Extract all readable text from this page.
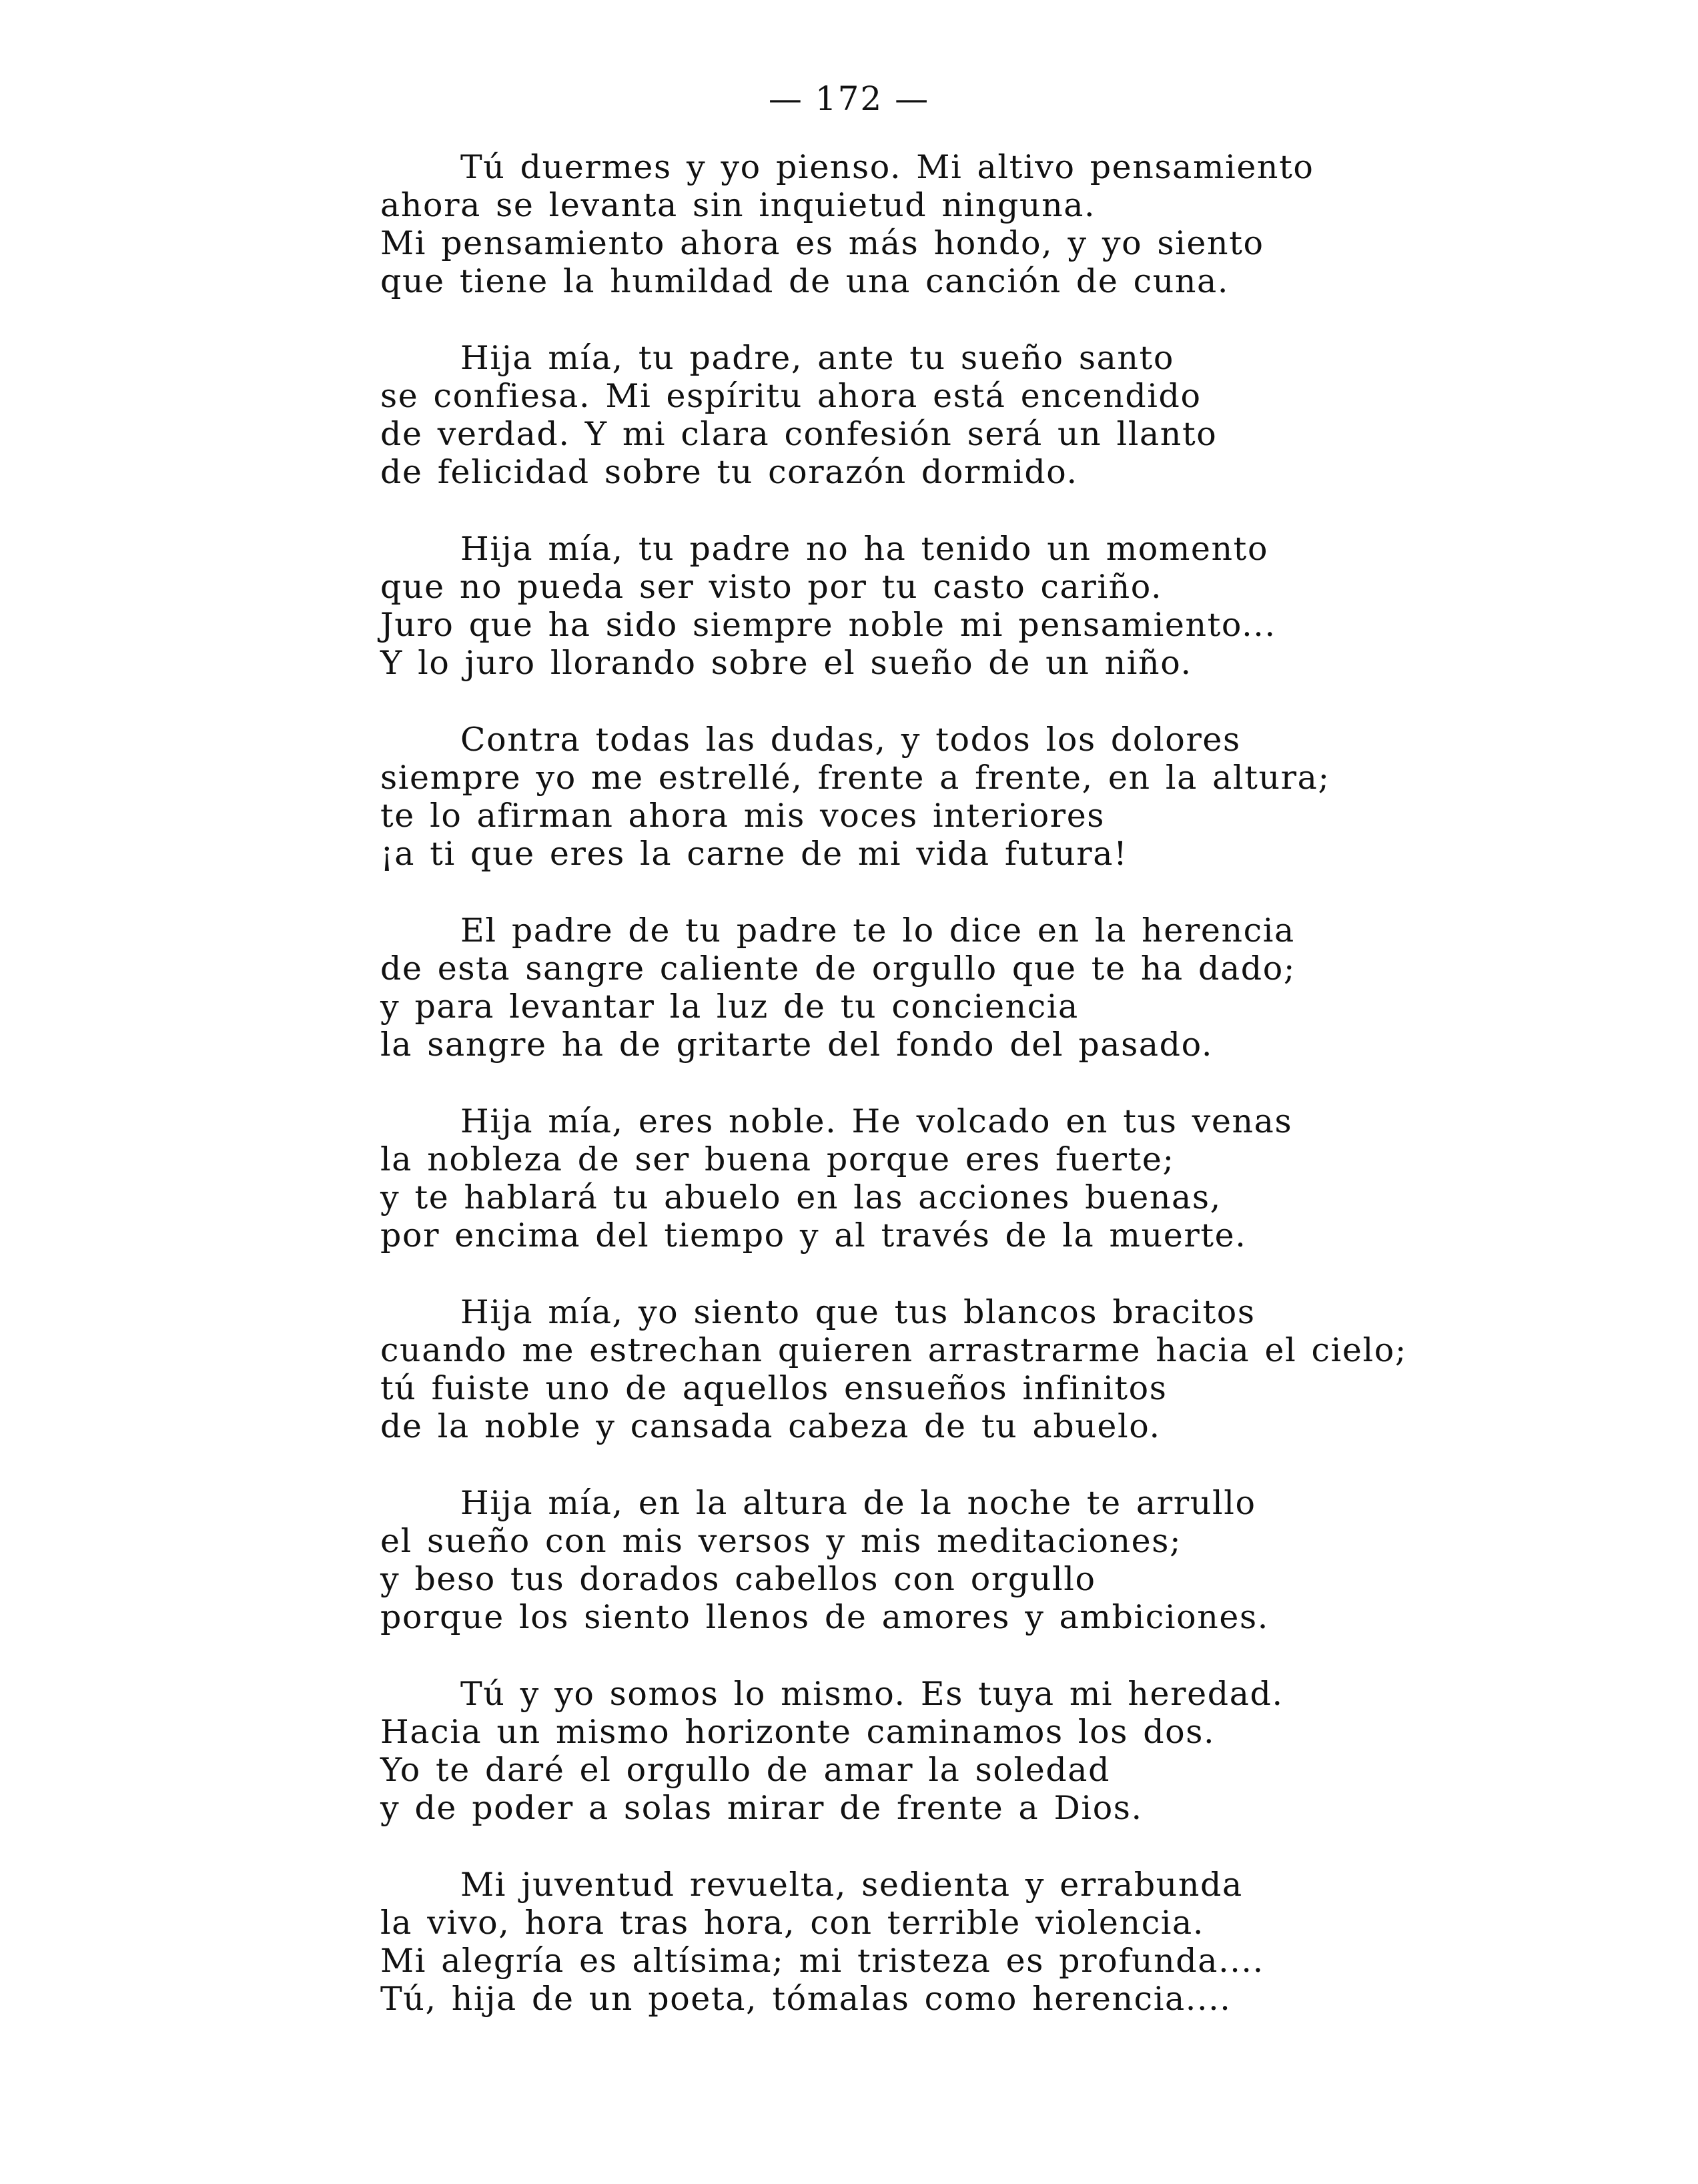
— 172 —
Tú duermes y yo pienso. Mi altivo pensamiento
ahora se levanta sin inquietud ninguna.
Mi pensamiento ahora es más hondo, y yo siento
que tiene la humildad de una canción de cuna.
Hija mía, tu padre, ante tu sueño santo
se confiesa. Mi espíritu ahora está encendido
de verdad. Y mi clara confesión será un llanto
de felicidad sobre tu corazón dormido.
Hija mía, tu padre no ha tenido un momento
que no pueda ser visto por tu casto cariño.
Juro que ha sido siempre noble mi pensamiento...
Y lo juro llorando sobre el sueño de un niño.
Contra todas las dudas, y todos los dolores
siempre yo me estrellé, frente a frente, en la altura;
te lo afirman ahora mis voces interiores
¡a ti que eres la carne de mi vida futura!
El padre de tu padre te lo dice en la herencia
de esta sangre caliente de orgullo que te ha dado;
y para levantar la luz de tu conciencia
la sangre ha de gritarte del fondo del pasado.
Hija mía, eres noble. He volcado en tus venas
la nobleza de ser buena porque eres fuerte;
y te hablará tu abuelo en las acciones buenas,
por encima del tiempo y al través de la muerte.
Hija mía, yo siento que tus blancos bracitos
cuando me estrechan quieren arrastrarme hacia el cielo;
tú fuiste uno de aquellos ensueños infinitos
de la noble y cansada cabeza de tu abuelo.
Hija mía, en la altura de la noche te arrullo
el sueño con mis versos y mis meditaciones;
y beso tus dorados cabellos con orgullo
porque los siento llenos de amores y ambiciones.
Tú y yo somos lo mismo. Es tuya mi heredad.
Hacia un mismo horizonte caminamos los dos.
Yo te daré el orgullo de amar la soledad
y de poder a solas mirar de frente a Dios.
Mi juventud revuelta, sedienta y errabunda
la vivo, hora tras hora, con terrible violencia.
Mi alegría es altísima; mi tristeza es profunda....
Tú, hija de un poeta, tómalas como herencia....
